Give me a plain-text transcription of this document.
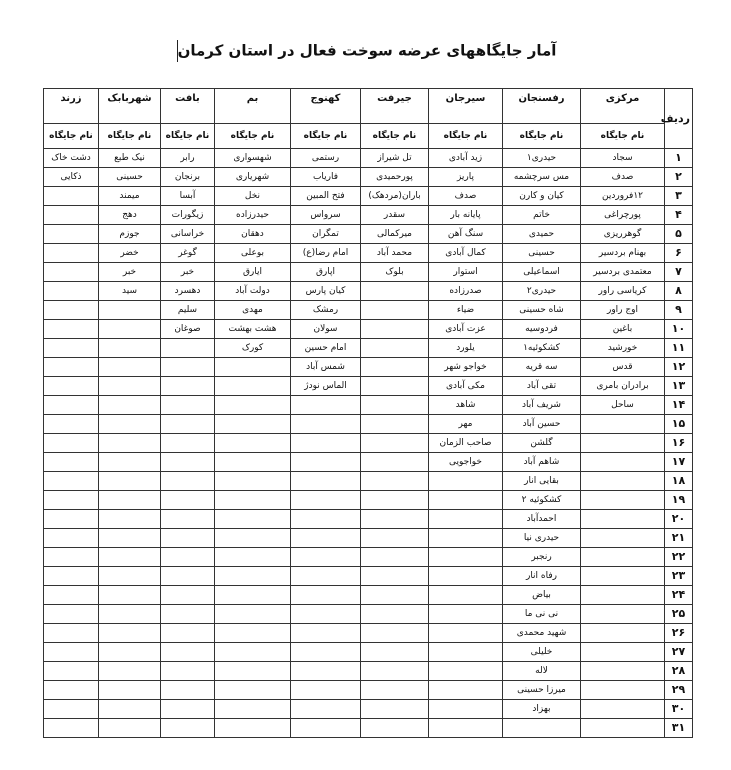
آمار جایگاههای عرضه سوخت فعال در استان کرمان
ردیف	مرکزی	رفسنجان	سیرجان	جیرفت	کهنوج	بم	بافت	شهربابک	زرند
	نام جایگاه	نام جایگاه	نام جایگاه	نام جایگاه	نام جایگاه	نام جایگاه	نام جایگاه	نام جایگاه	نام جایگاه
۱	سجاد	حیدری۱	زید آبادی	تل شیراز	رستمی	شهسواری	رابر	نیک طبع	دشت خاک
۲	صدف	مس سرچشمه	پاریز	پورحمیدی	فاریاب	شهریاری	برنجان	حسینی	ذکایی
۳	۱۲فروردین	کیان و کارن	صدف	باران(مردهک)	فتح المبین	نخل	آبسا	میمند	
۴	پورچراغی	خاتم	پایانه بار	سقدر	سرواس	حیدرزاده	زیگورات	دهج	
۵	گوهرریزی	حمیدی	سنگ آهن	میرکمالی	تمگران	دهقان	خراسانی	جوزم	
۶	بهنام بردسیر	حسینی	کمال آبادی	محمد آباد	امام رضا(ع)	بوعلی	گوغر	خضر	
۷	معتمدی بردسیر	اسماعیلی	استوار	بلوک	اپارق	ایارق	خبر	خبر	
۸	کریاسی راور	حیدری۲	صدرزاده		کیان پارس	دولت آباد	دهسرد	سید	
۹	اوج راور	شاه حسینی	ضیاء		رمشک	مهدی	سلیم		
۱۰	باغین	فردوسیه	عزت آبادی		سولان	هشت بهشت	صوغان		
۱۱	خورشید	کشکوئیه۱	یلورد		امام حسین	کورک			
۱۲	قدس	سه قریه	خواجو شهر		شمس آباد				
۱۳	برادران بامری	تقی آباد	مکی آبادی		الماس نودژ				
۱۴	ساحل	شریف آباد	شاهد						
۱۵		حسین آباد	مهر						
۱۶		گلشن	صاحب الزمان						
۱۷		شاهم آباد	خواجویی						
۱۸		بقایی انار							
۱۹		کشکوئیه ۲							
۲۰		احمدآباد							
۲۱		حیدری نیا							
۲۲		رنجبر							
۲۳		رفاه انار							
۲۴		بیاض							
۲۵		نی نی ما							
۲۶		شهید محمدی							
۲۷		خلیلی							
۲۸		لاله							
۲۹		میرزا حسینی							
۳۰		بهزاد							
۳۱									
